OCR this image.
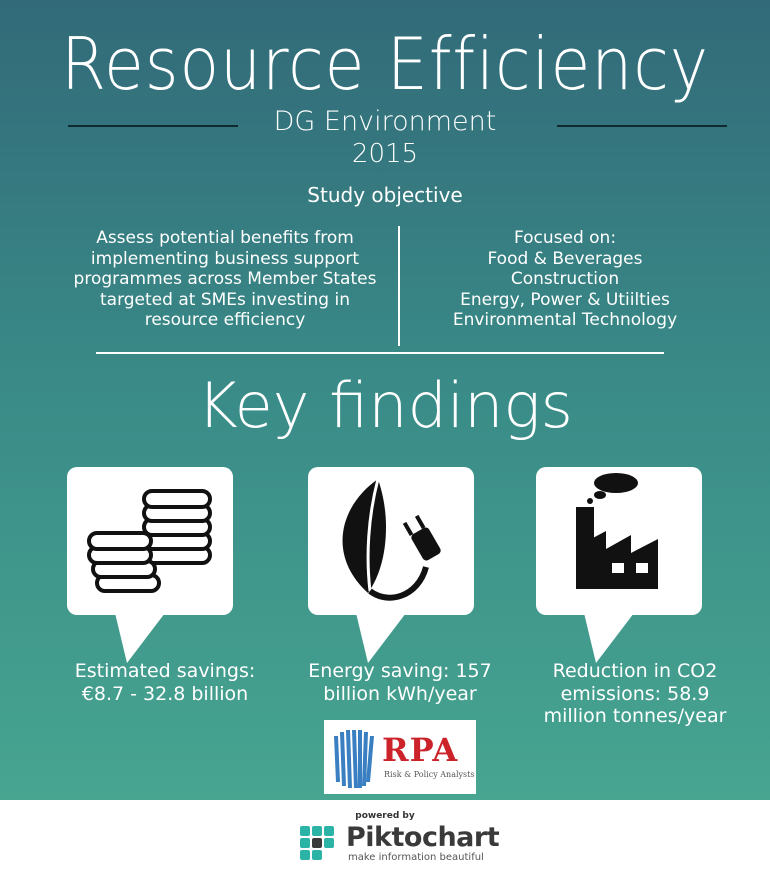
Resource Efficiency
DG Environment
2015
Study objective
Assess potential benefits from
implementing business support
programmes across Member States
targeted at SMEs investing in
resource efficiency
Focused on:
Food & Beverages
Construction
Energy, Power & Utiilties
Environmental Technology
Key findings
Estimated savings:
€8.7 - 32.8 billion
Energy saving: 157
billion kWh/year
Reduction in CO2
emissions: 58.9
million tonnes/year
RPA
Risk & Policy Analysts
powered by
Piktochart
make information beautiful
